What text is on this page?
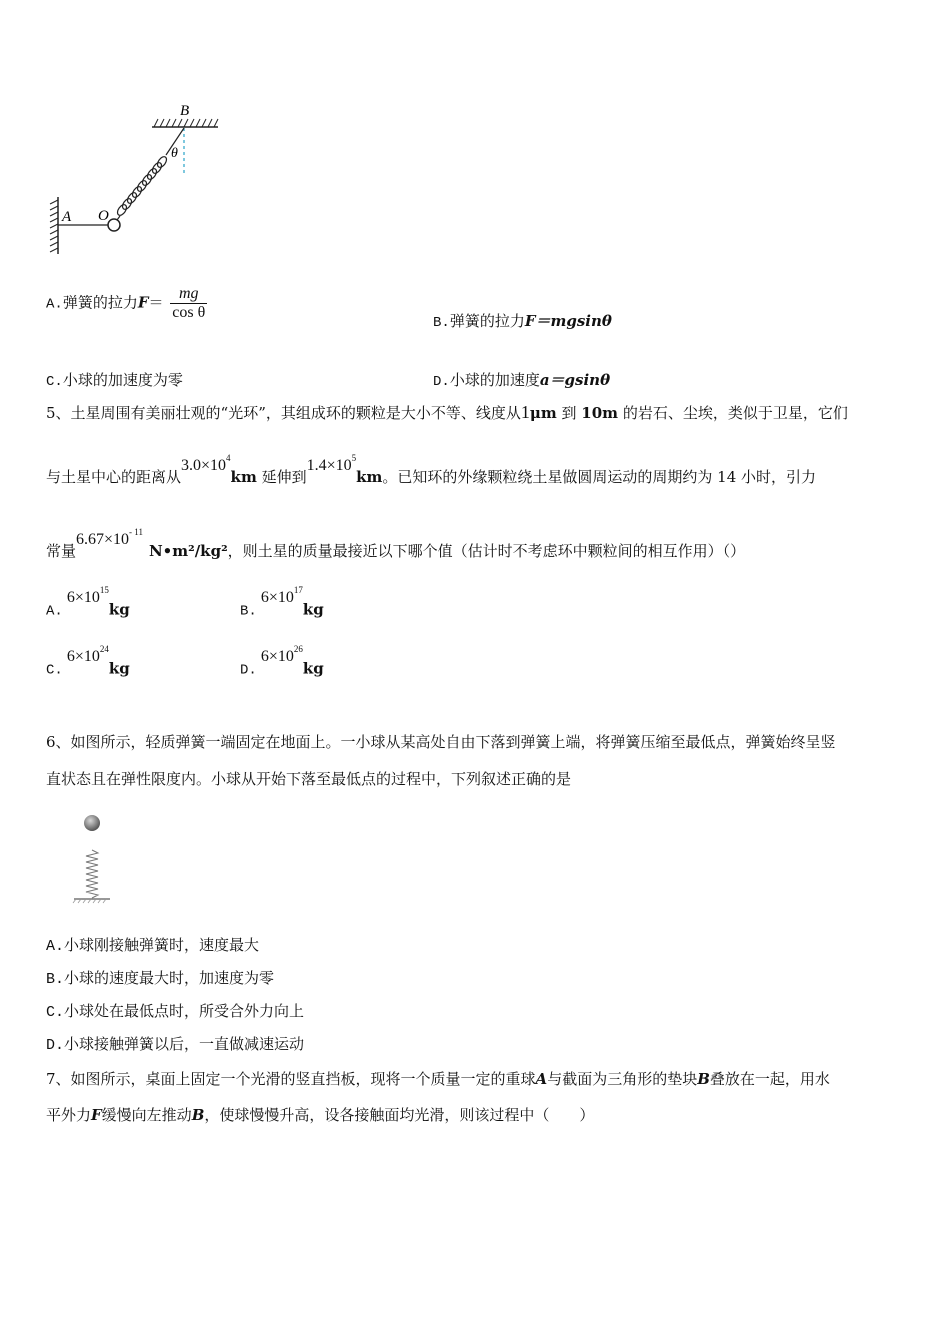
B
A O
θ
A.弹簧的拉力$F= \frac{mg}{\text{cos θ}}$
B.弹簧的拉力F＝mgsinθ
C.小球的加速度为零	D.小球的加速度a＝gsinθ
5、土星周围有美丽壮观的“光环”，其组成环的颗粒是大小不等、线度从1μm 到 10m 的岩石、尘埃，类似于卫星，它们
与土星中心的距离从$3.0\times 10^4km$ 延伸到$1.4\times 10^5km$。已知环的外缘颗粒绕土星做圆周运动的周期约为 14 小时，引力
常量$6.67\times 10^{- 11}N•m^2$/kg²，则土星的质量最接近以下哪个值（估计时不考虑环中颗粒间的相互作用）（）
$A.6\times 10^{15}kg$	$B.6\times 10^{17}kg$
$C.6\times 10^{24}kg$	$D.6\times 10^{26}kg$
6、如图所示，轻质弹簧一端固定在地面上。一小球从某高处自由下落到弹簧上端，将弹簧压缩至最低点，弹簧始终呈竖
直状态且在弹性限度内。小球从开始下落至最低点的过程中，下列叙述正确的是
A.小球刚接触弹簧时，速度最大
B.小球的速度最大时，加速度为零
C.小球处在最低点时，所受合外力向上
D.小球接触弹簧以后，一直做减速运动
7、如图所示，桌面上固定一个光滑的竖直挡板，现将一个质量一定的重球A与截面为三角形的垫块B叠放在一起，用水
平外力F缓慢向左推动B，使球慢慢升高，设各接触面均光滑，则该过程中（　　）
